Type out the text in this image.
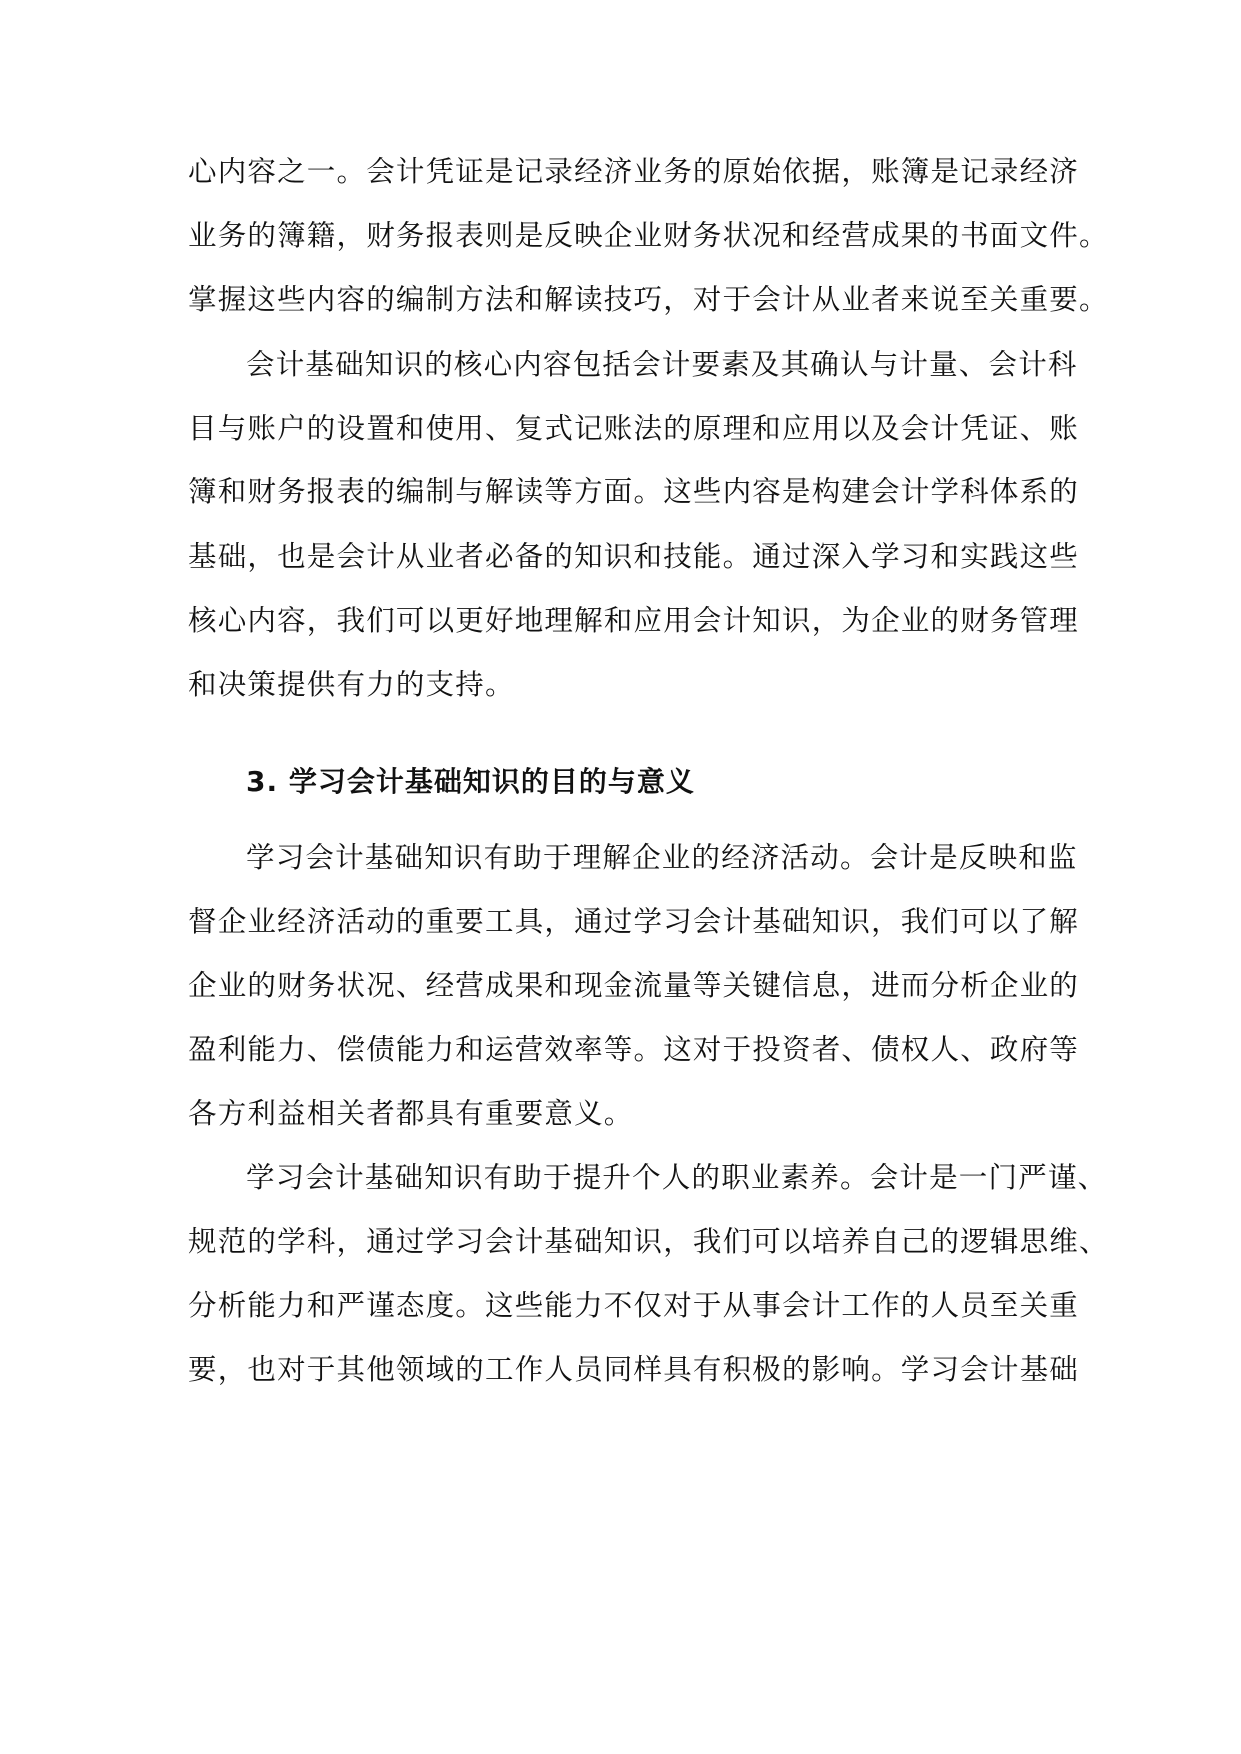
心内容之一。会计凭证是记录经济业务的原始依据，账簿是记录经济
业务的簿籍，财务报表则是反映企业财务状况和经营成果的书面文件。
掌握这些内容的编制方法和解读技巧，对于会计从业者来说至关重要。
会计基础知识的核心内容包括会计要素及其确认与计量、会计科
目与账户的设置和使用、复式记账法的原理和应用以及会计凭证、账
簿和财务报表的编制与解读等方面。这些内容是构建会计学科体系的
基础，也是会计从业者必备的知识和技能。通过深入学习和实践这些
核心内容，我们可以更好地理解和应用会计知识，为企业的财务管理
和决策提供有力的支持。
3. 学习会计基础知识的目的与意义
学习会计基础知识有助于理解企业的经济活动。会计是反映和监
督企业经济活动的重要工具，通过学习会计基础知识，我们可以了解
企业的财务状况、经营成果和现金流量等关键信息，进而分析企业的
盈利能力、偿债能力和运营效率等。这对于投资者、债权人、政府等
各方利益相关者都具有重要意义。
学习会计基础知识有助于提升个人的职业素养。会计是一门严谨、
规范的学科，通过学习会计基础知识，我们可以培养自己的逻辑思维、
分析能力和严谨态度。这些能力不仅对于从事会计工作的人员至关重
要，也对于其他领域的工作人员同样具有积极的影响。学习会计基础
